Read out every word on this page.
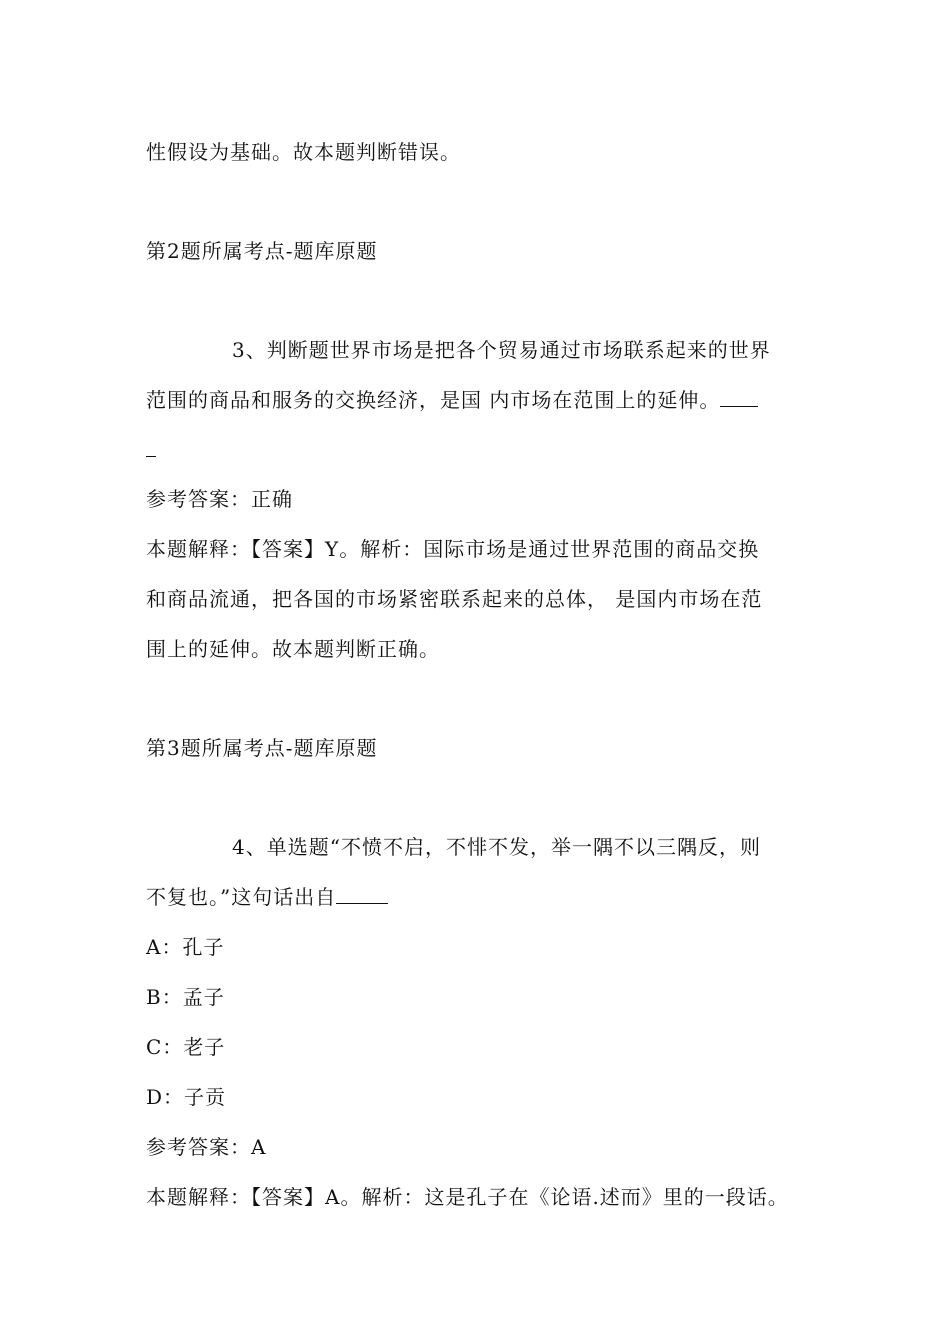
性假设为基础。故本题判断错误。
第2题所属考点-题库原题
3、判断题世界市场是把各个贸易通过市场联系起来的世界
范围的商品和服务的交换经济，是国 内市场在范围上的延伸。
参考答案：正确
本题解释：【答案】Y。解析：国际市场是通过世界范围的商品交换
和商品流通，把各国的市场紧密联系起来的总体， 是国内市场在范
围上的延伸。故本题判断正确。
第3题所属考点-题库原题
4、单选题“不愤不启，不悱不发，举一隅不以三隅反，则
不复也。”这句话出自
A：孔子
B：孟子
C：老子
D：子贡
参考答案：A
本题解释：【答案】A。解析：这是孔子在《论语.述而》里的一段话。
